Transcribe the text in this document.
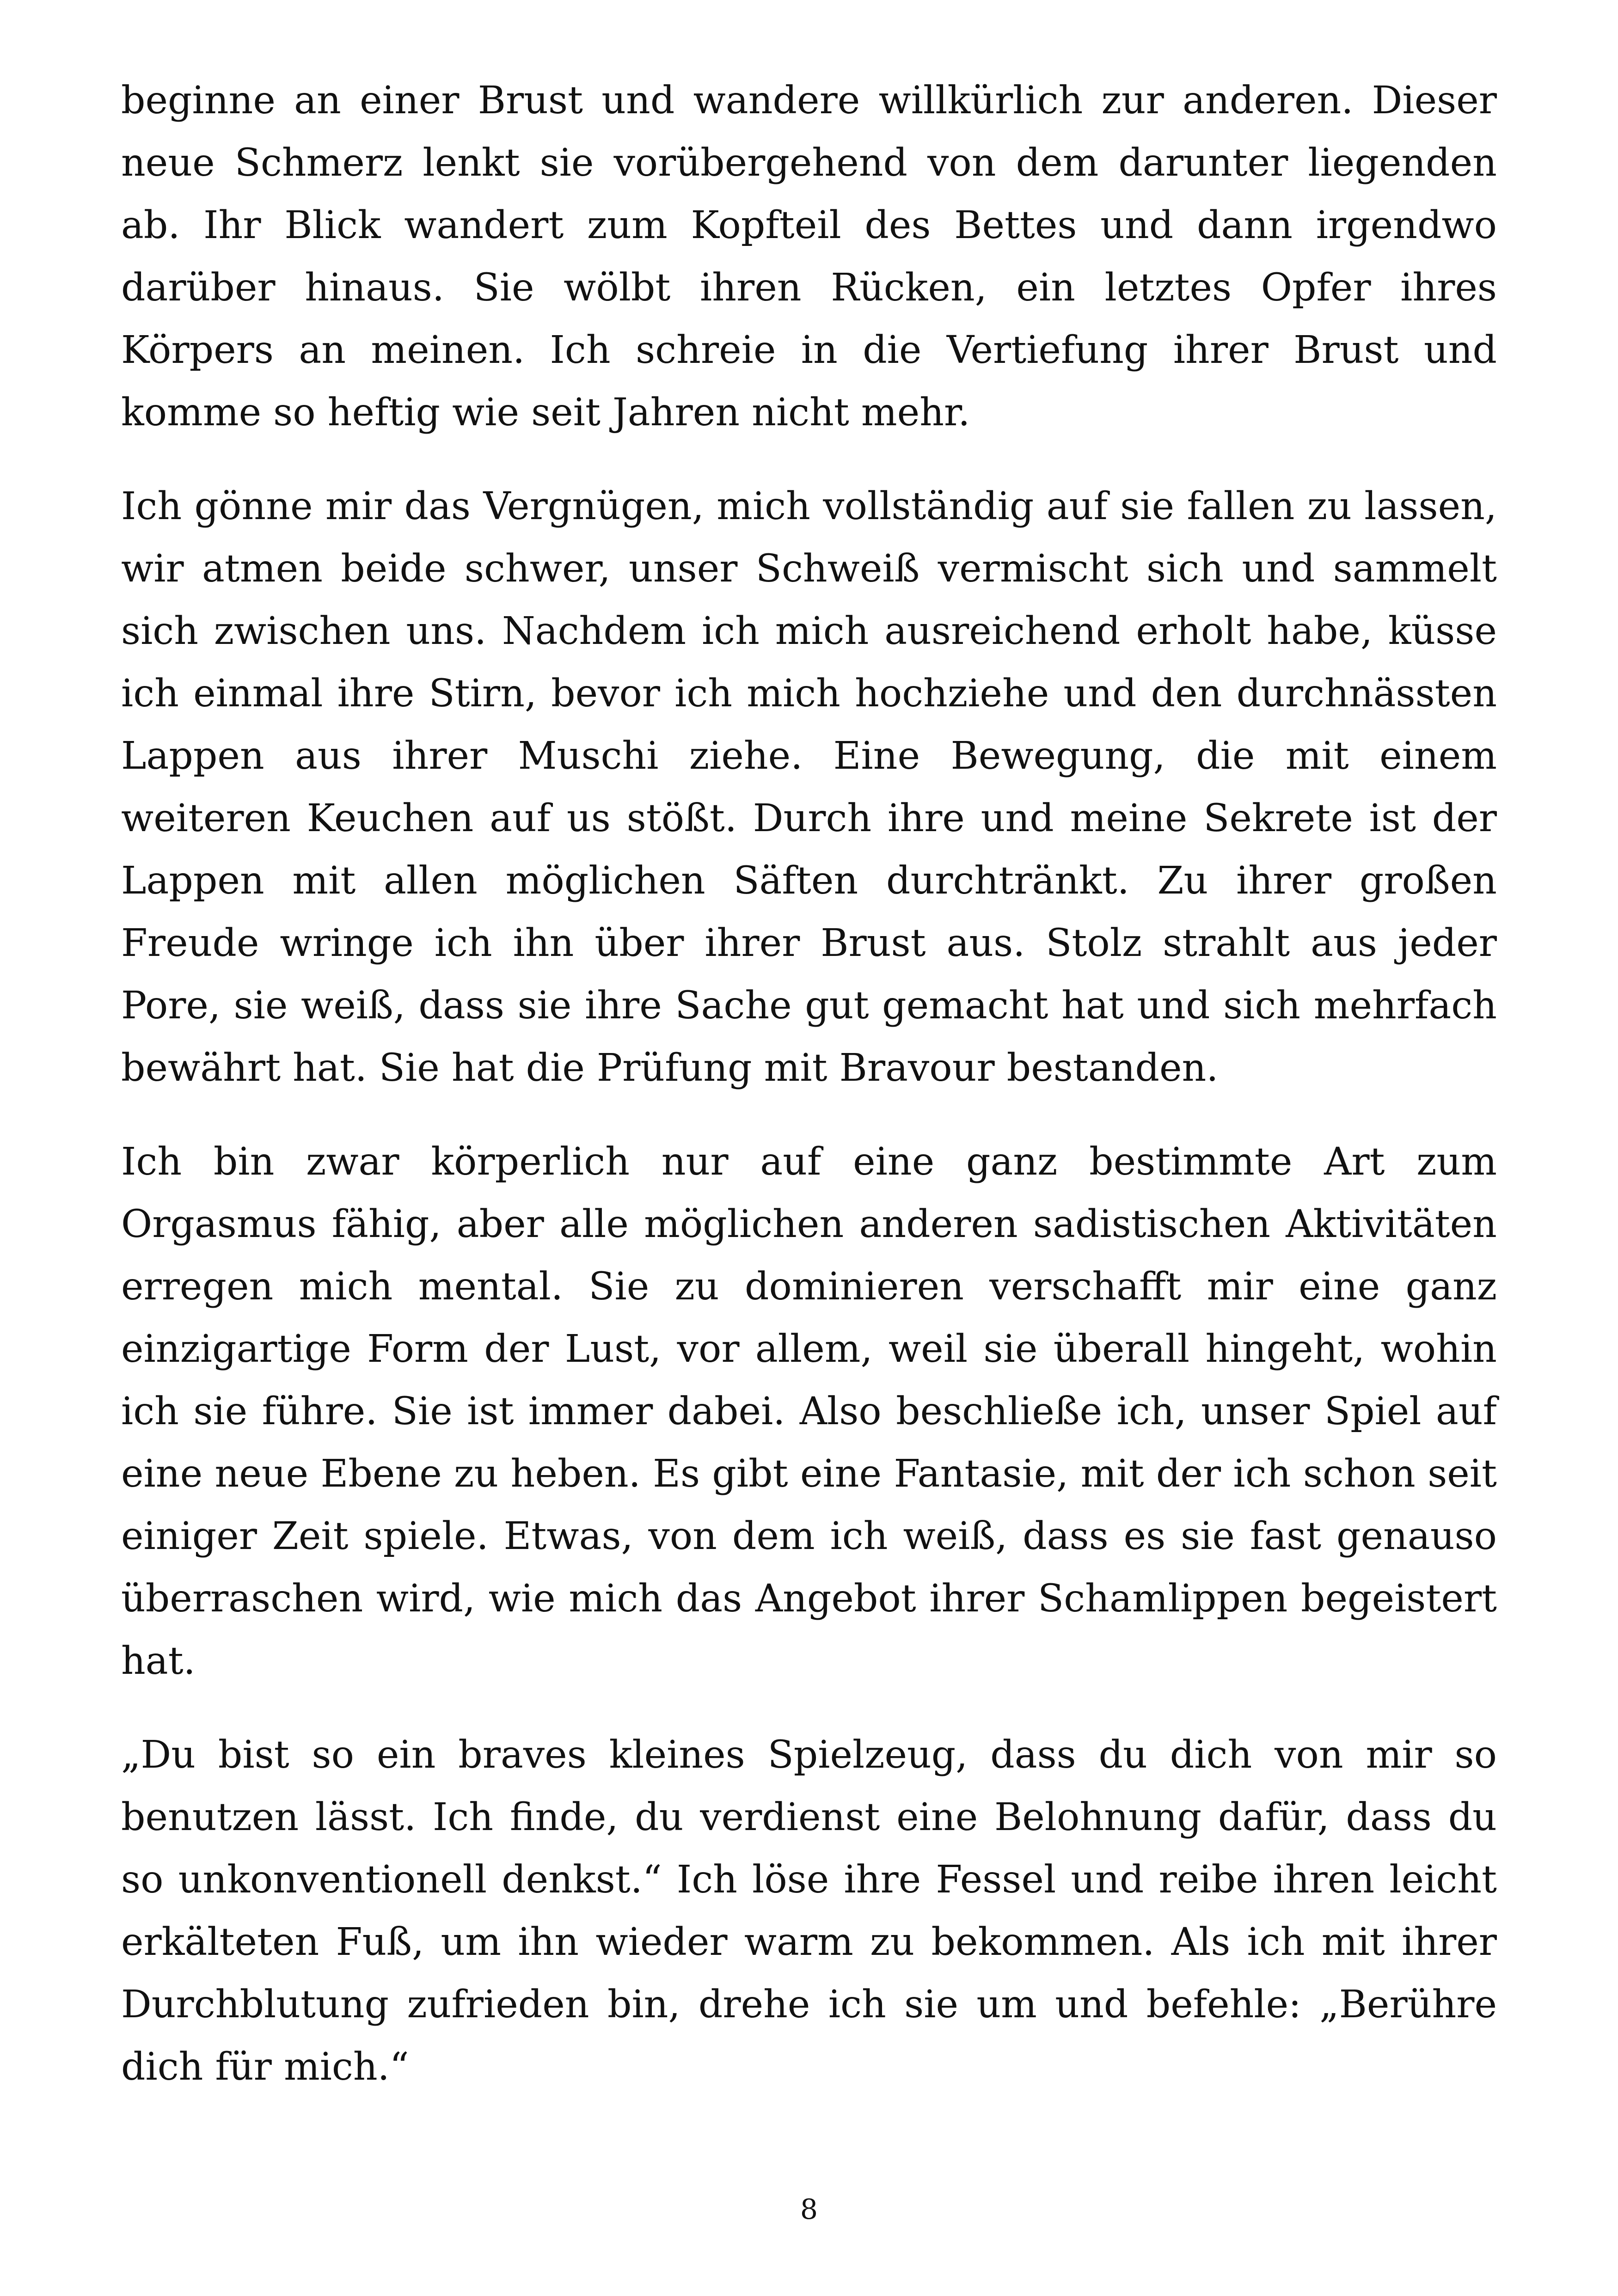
beginne an einer Brust und wandere willkürlich zur anderen. Dieser neue Schmerz lenkt sie vorübergehend von dem darunter liegenden ab. Ihr Blick wandert zum Kopfteil des Bettes und dann irgendwo darüber hinaus. Sie wölbt ihren Rücken, ein letztes Opfer ihres Körpers an meinen. Ich schreie in die Vertiefung ihrer Brust und komme so heftig wie seit Jahren nicht mehr.

Ich gönne mir das Vergnügen, mich vollständig auf sie fallen zu lassen, wir atmen beide schwer, unser Schweiß vermischt sich und sammelt sich zwischen uns. Nachdem ich mich ausreichend erholt habe, küsse ich einmal ihre Stirn, bevor ich mich hochziehe und den durchnässten Lappen aus ihrer Muschi ziehe. Eine Bewegung, die mit einem weiteren Keuchen auf us stößt. Durch ihre und meine Sekrete ist der Lappen mit allen möglichen Säften durchtränkt. Zu ihrer großen Freude wringe ich ihn über ihrer Brust aus. Stolz strahlt aus jeder Pore, sie weiß, dass sie ihre Sache gut gemacht hat und sich mehrfach bewährt hat. Sie hat die Prüfung mit Bravour bestanden.

Ich bin zwar körperlich nur auf eine ganz bestimmte Art zum Orgasmus fähig, aber alle möglichen anderen sadistischen Aktivitäten erregen mich mental. Sie zu dominieren verschafft mir eine ganz einzigartige Form der Lust, vor allem, weil sie überall hingeht, wohin ich sie führe. Sie ist immer dabei. Also beschließe ich, unser Spiel auf eine neue Ebene zu heben. Es gibt eine Fantasie, mit der ich schon seit einiger Zeit spiele. Etwas, von dem ich weiß, dass es sie fast genauso überraschen wird, wie mich das Angebot ihrer Schamlippen begeistert hat.

„Du bist so ein braves kleines Spielzeug, dass du dich von mir so benutzen lässt. Ich finde, du verdienst eine Belohnung dafür, dass du so unkonventionell denkst.“ Ich löse ihre Fessel und reibe ihren leicht erkälteten Fuß, um ihn wieder warm zu bekommen. Als ich mit ihrer Durchblutung zufrieden bin, drehe ich sie um und befehle: „Berühre dich für mich.“

8
